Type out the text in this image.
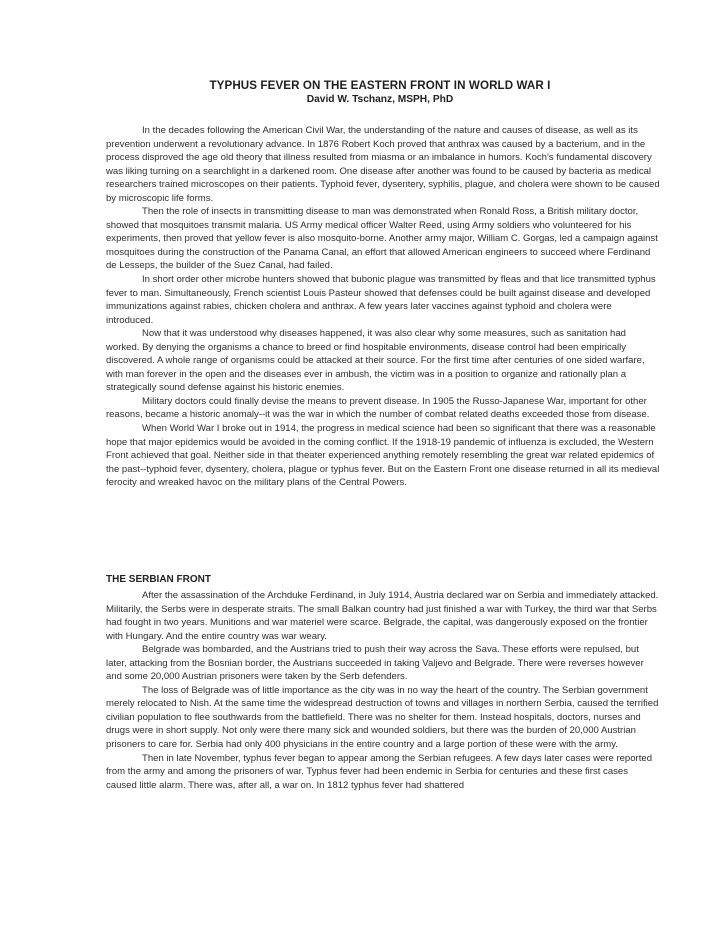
TYPHUS FEVER ON THE EASTERN FRONT IN WORLD WAR I
David W. Tschanz, MSPH, PhD

In the decades following the American Civil War, the understanding of the nature and causes of disease, as well as its prevention underwent a revolutionary advance. In 1876 Robert Koch proved that anthrax was caused by a bacterium, and in the process disproved the age old theory that illness resulted from miasma or an imbalance in humors. Koch's fundamental discovery was liking turning on a searchlight in a darkened room. One disease after another was found to be caused by bacteria as medical researchers trained microscopes on their patients. Typhoid fever, dysentery, syphilis, plague, and cholera were shown to be caused by microscopic life forms.

Then the role of insects in transmitting disease to man was demonstrated when Ronald Ross, a British military doctor, showed that mosquitoes transmit malaria. US Army medical officer Walter Reed, using Army soldiers who volunteered for his experiments, then proved that yellow fever is also mosquito-borne. Another army major, William C. Gorgas, led a campaign against mosquitoes during the construction of the Panama Canal, an effort that allowed American engineers to succeed where Ferdinand de Lesseps, the builder of the Suez Canal, had failed.

In short order other microbe hunters showed that bubonic plague was transmitted by fleas and that lice transmitted typhus fever to man. Simultaneously, French scientist Louis Pasteur showed that defenses could be built against disease and developed immunizations against rabies, chicken cholera and anthrax. A few years later vaccines against typhoid and cholera were introduced.

Now that it was understood why diseases happened, it was also clear why some measures, such as sanitation had worked. By denying the organisms a chance to breed or find hospitable environments, disease control had been empirically discovered. A whole range of organisms could be attacked at their source. For the first time after centuries of one sided warfare, with man forever in the open and the diseases ever in ambush, the victim was in a position to organize and rationally plan a strategically sound defense against his historic enemies.

Military doctors could finally devise the means to prevent disease. In 1905 the Russo-Japanese War, important for other reasons, became a historic anomaly--it was the war in which the number of combat related deaths exceeded those from disease.

When World War I broke out in 1914, the progress in medical science had been so significant that there was a reasonable hope that major epidemics would be avoided in the coming conflict. If the 1918-19 pandemic of influenza is excluded, the Western Front achieved that goal. Neither side in that theater experienced anything remotely resembling the great war related epidemics of the past--typhoid fever, dysentery, cholera, plague or typhus fever. But on the Eastern Front one disease returned in all its medieval ferocity and wreaked havoc on the military plans of the Central Powers.

THE SERBIAN FRONT

After the assassination of the Archduke Ferdinand, in July 1914, Austria declared war on Serbia and immediately attacked. Militarily, the Serbs were in desperate straits. The small Balkan country had just finished a war with Turkey, the third war that Serbs had fought in two years. Munitions and war materiel were scarce. Belgrade, the capital, was dangerously exposed on the frontier with Hungary. And the entire country was war weary.

Belgrade was bombarded, and the Austrians tried to push their way across the Sava. These efforts were repulsed, but later, attacking from the Bosnian border, the Austrians succeeded in taking Valjevo and Belgrade. There were reverses however and some 20,000 Austrian prisoners were taken by the Serb defenders.

The loss of Belgrade was of little importance as the city was in no way the heart of the country. The Serbian government merely relocated to Nish. At the same time the widespread destruction of towns and villages in northern Serbia, caused the terrified civilian population to flee southwards from the battlefield. There was no shelter for them. Instead hospitals, doctors, nurses and drugs were in short supply. Not only were there many sick and wounded soldiers, but there was the burden of 20,000 Austrian prisoners to care for. Serbia had only 400 physicians in the entire country and a large portion of these were with the army.

Then in late November, typhus fever began to appear among the Serbian refugees. A few days later cases were reported from the army and among the prisoners of war. Typhus fever had been endemic in Serbia for centuries and these first cases caused little alarm. There was, after all, a war on. In 1812 typhus fever had shattered
